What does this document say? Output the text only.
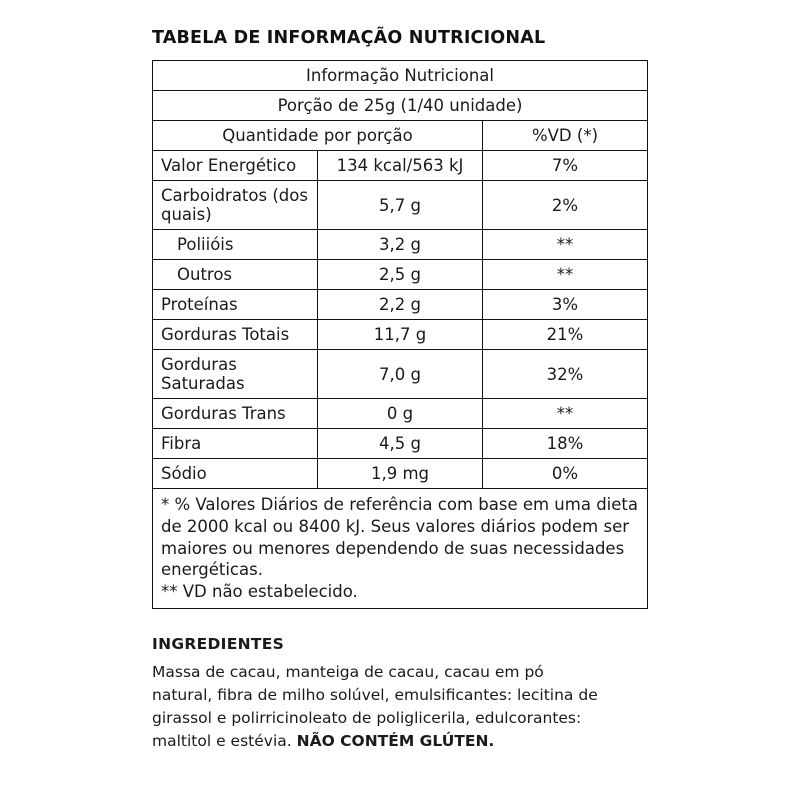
TABELA DE INFORMAÇÃO NUTRICIONAL
Informação Nutricional		
Porção de 25g (1/40 unidade)		
Quantidade por porção		%VD (*)
Valor Energético	134 kcal/563 kJ	7%
Carboidratos (dos quais)	5,7 g	2%
Poliióis	3,2 g	**
Outros	2,5 g	**
Proteínas	2,2 g	3%
Gorduras Totais	11,7 g	21%
Gorduras Saturadas	7,0 g	32%
Gorduras Trans	0 g	**
Fibra	4,5 g	18%
Sódio	1,9 mg	0%
* % Valores Diários de referência com base em uma dieta de 2000 kcal ou 8400 kJ. Seus valores diários podem ser maiores ou menores dependendo de suas necessidades energéticas.
** VD não estabelecido.		
INGREDIENTES
Massa de cacau, manteiga de cacau, cacau em pó natural, fibra de milho solúvel, emulsificantes: lecitina de girassol e polirricinoleato de poliglicerila, edulcorantes: maltitol e estévia. NÃO CONTÉM GLÚTEN.
